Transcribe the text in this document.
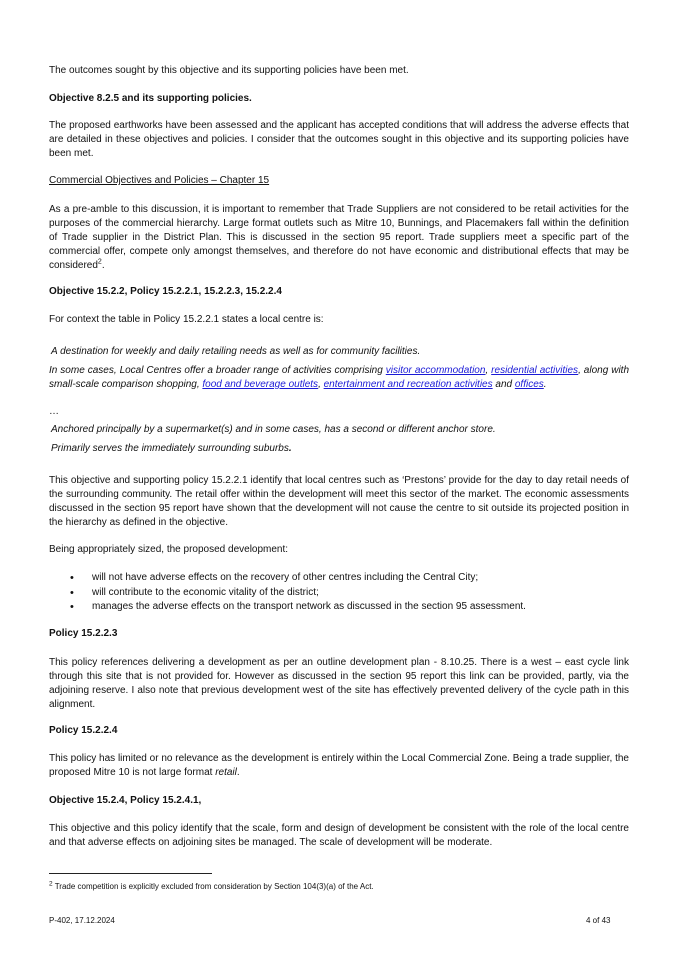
The outcomes sought by this objective and its supporting policies have been met.

Objective 8.2.5 and its supporting policies.

The proposed earthworks have been assessed and the applicant has accepted conditions that will address the adverse effects that are detailed in these objectives and policies. I consider that the outcomes sought in this objective and its supporting policies have been met.

Commercial Objectives and Policies – Chapter 15

As a pre-amble to this discussion, it is important to remember that Trade Suppliers are not considered to be retail activities for the purposes of the commercial hierarchy. Large format outlets such as Mitre 10, Bunnings, and Placemakers fall within the definition of Trade supplier in the District Plan. This is discussed in the section 95 report. Trade suppliers meet a specific part of the commercial offer, compete only amongst themselves, and therefore do not have economic and distributional effects that may be considered$^2$.

Objective 15.2.2, Policy 15.2.2.1, 15.2.2.3, 15.2.2.4

For context the table in Policy 15.2.2.1 states a local centre is:

A destination for weekly and daily retailing needs as well as for community facilities.

In some cases, Local Centres offer a broader range of activities comprising visitor accommodation, residential activities, along with small-scale comparison shopping, food and beverage outlets, entertainment and recreation activities and offices.

…

Anchored principally by a supermarket(s) and in some cases, has a second or different anchor store.

Primarily serves the immediately surrounding suburbs.

This objective and supporting policy 15.2.2.1 identify that local centres such as ‘Prestons’ provide for the day to day retail needs of the surrounding community. The retail offer within the development will meet this sector of the market. The economic assessments discussed in the section 95 report have shown that the development will not cause the centre to sit outside its projected position in the hierarchy as defined in the objective.

Being appropriately sized, the proposed development:

• will not have adverse effects on the recovery of other centres including the Central City;
• will contribute to the economic vitality of the district;
• manages the adverse effects on the transport network as discussed in the section 95 assessment.

Policy 15.2.2.3

This policy references delivering a development as per an outline development plan - 8.10.25. There is a west – east cycle link through this site that is not provided for. However as discussed in the section 95 report this link can be provided, partly, via the adjoining reserve. I also note that previous development west of the site has effectively prevented delivery of the cycle path in this alignment.

Policy 15.2.2.4

This policy has limited or no relevance as the development is entirely within the Local Commercial Zone. Being a trade supplier, the proposed Mitre 10 is not large format retail.

Objective 15.2.4, Policy 15.2.4.1,

This objective and this policy identify that the scale, form and design of development be consistent with the role of the local centre and that adverse effects on adjoining sites be managed. The scale of development will be moderate.

$^2$ Trade competition is explicitly excluded from consideration by Section 104(3)(a) of the Act.
P-402, 17.12.2024	4 of 43
